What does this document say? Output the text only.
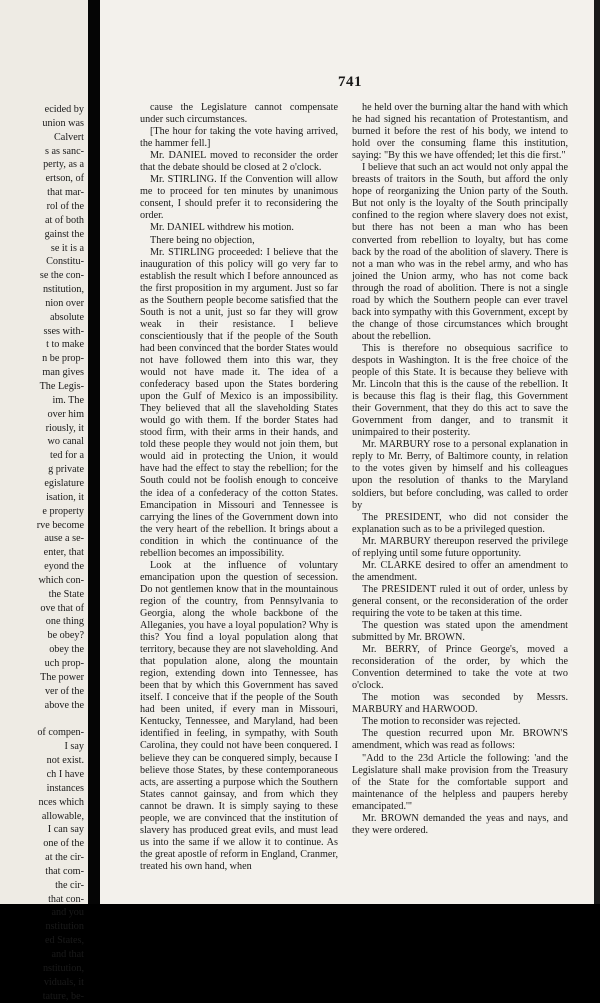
ecided by
union was
Calvert
s as sanc-
perty, as a
ertson, of
that mar-
rol of the
at of both
gainst the
se it is a
Constitu-
se the con-
nstitution,
nion over
absolute
sses with-
t to make
n be prop-
man gives
The Legis-
im. The
over him
riously, it
wo canal
ted for a
g private
egislature
isation, it
e property
rve become
ause a se-
enter, that
eyond the
which con-
the State
ove that of
one thing
be obey?
obey the
uch prop-
The power
ver of the
above the
of compen-
I say
not exist.
ch I have
instances
nces which
allowable,
I can say
one of the
at the cir-
that com-
the cir-
that con-
and you
nstitution
ed States,
and that
nstitution,
viduals, it
tature, be-
741

cause the Legislature cannot compensate under such circumstances.

[The hour for taking the vote having arrived, the hammer fell.]

Mr. DANIEL moved to reconsider the order that the debate should be closed at 2 o'clock.

Mr. STIRLING. If the Convention will allow me to proceed for ten minutes by unanimous consent, I should prefer it to reconsidering the order.

Mr. DANIEL withdrew his motion.

There being no objection,

Mr. STIRLING proceeded: I believe that the inauguration of this policy will go very far to establish the result which I before announced as the first proposition in my argument. Just so far as the Southern people become satisfied that the South is not a unit, just so far they will grow weak in their resistance. I believe conscientiously that if the people of the South had been convinced that the border States would not have followed them into this war, they would not have made it. The idea of a confederacy based upon the States bordering upon the Gulf of Mexico is an impossibility. They believed that all the slaveholding States would go with them. If the border States had stood firm, with their arms in their hands, and told these people they would not join them, but would aid in protecting the Union, it would have had the effect to stay the rebellion; for the South could not be foolish enough to conceive the idea of a confederacy of the cotton States. Emancipation in Missouri and Tennessee is carrying the lines of the Government down into the very heart of the rebellion. It brings about a condition in which the continuance of the rebellion becomes an impossibility.

Look at the influence of voluntary emancipation upon the question of secession. Do not gentlemen know that in the mountainous region of the country, from Pennsylvania to Georgia, along the whole backbone of the Alleganies, you have a loyal population? Why is this? You find a loyal population along that territory, because they are not slaveholding. And that population alone, along the mountain region, extending down into Tennessee, has been that by which this Government has saved itself. I conceive that if the people of the South had been united, if every man in Missouri, Kentucky, Tennessee, and Maryland, had been identified in feeling, in sympathy, with South Carolina, they could not have been conquered. I believe they can be conquered simply, because I believe those States, by these contemporaneous acts, are asserting a purpose which the Southern States cannot gainsay, and from which they cannot be drawn. It is simply saying to these people, we are convinced that the institution of slavery has produced great evils, and must lead us into the same if we allow it to continue. As the great apostle of reform in England, Cranmer, treated his own hand, when

he held over the burning altar the hand with which he had signed his recantation of Protestantism, and burned it before the rest of his body, we intend to hold over the consuming flame this institution, saying: "By this we have offended; let this die first."

I believe that such an act would not only appal the breasts of traitors in the South, but afford the only hope of reorganizing the Union party of the South. But not only is the loyalty of the South principally confined to the region where slavery does not exist, but there has not been a man who has been converted from rebellion to loyalty, but has come back by the road of the abolition of slavery. There is not a man who was in the rebel army, and who has joined the Union army, who has not come back through the road of abolition. There is not a single road by which the Southern people can ever travel back into sympathy with this Government, except by the change of those circumstances which brought about the rebellion.

This is therefore no obsequious sacrifice to despots in Washington. It is the free choice of the people of this State. It is because they believe with Mr. Lincoln that this is the cause of the rebellion. It is because this flag is their flag, this Government their Government, that they do this act to save the Government from danger, and to transmit it unimpaired to their posterity.

Mr. MARBURY rose to a personal explanation in reply to Mr. Berry, of Baltimore county, in relation to the votes given by himself and his colleagues upon the resolution of thanks to the Maryland soldiers, but before concluding, was called to order by

The PRESIDENT, who did not consider the explanation such as to be a privileged question.

Mr. MARBURY thereupon reserved the privilege of replying until some future opportunity.

Mr. CLARKE desired to offer an amendment to the amendment.

The PRESIDENT ruled it out of order, unless by general consent, or the reconsideration of the order requiring the vote to be taken at this time.

The question was stated upon the amendment submitted by Mr. BROWN.

Mr. BERRY, of Prince George's, moved a reconsideration of the order, by which the Convention determined to take the vote at two o'clock.

The motion was seconded by Messrs. MARBURY and HARWOOD.

The motion to reconsider was rejected.

The question recurred upon Mr. BROWN'S amendment, which was read as follows:

"Add to the 23d Article the following: 'and the Legislature shall make provision from the Treasury of the State for the comfortable support and maintenance of the helpless and paupers hereby emancipated.'"

Mr. BROWN demanded the yeas and nays, and they were ordered.
